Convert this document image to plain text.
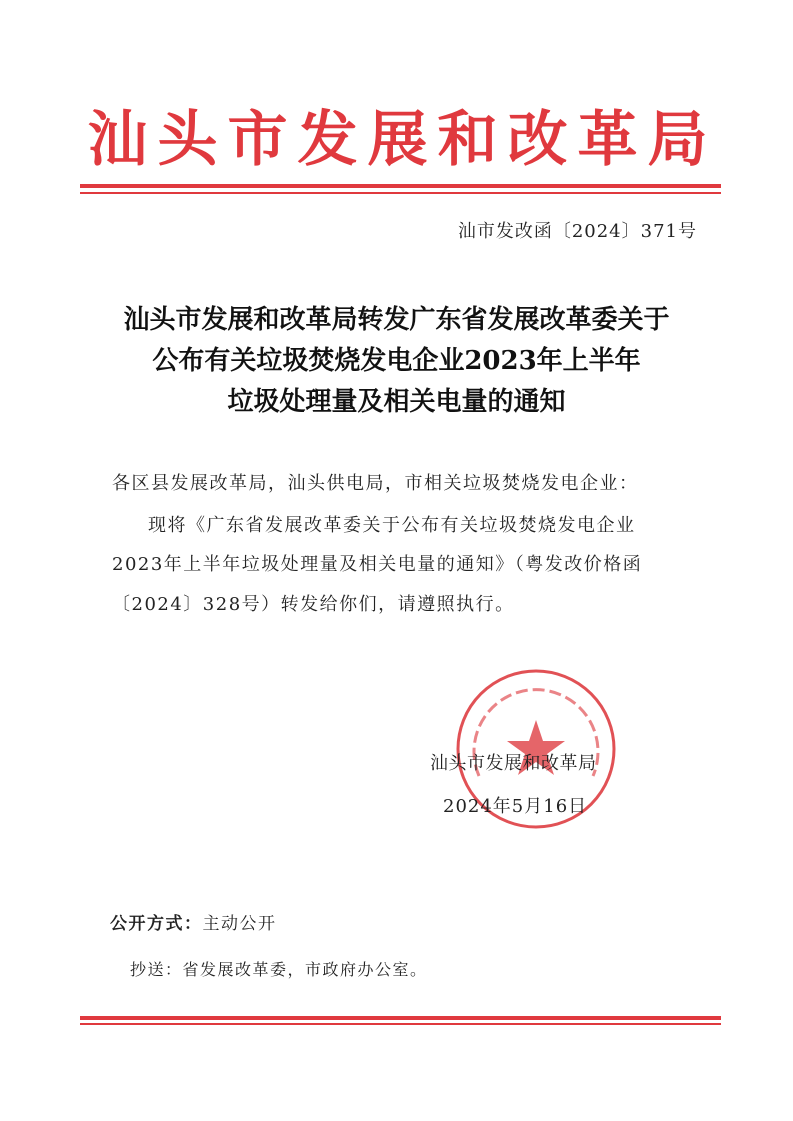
汕头市发展和改革局
汕市发改函〔2024〕371号
汕头市发展和改革局转发广东省发展改革委关于
公布有关垃圾焚烧发电企业2023年上半年
垃圾处理量及相关电量的通知
各区县发展改革局，汕头供电局，市相关垃圾焚烧发电企业：
现将《广东省发展改革委关于公布有关垃圾焚烧发电企业
2023年上半年垃圾处理量及相关电量的通知》（粤发改价格函
〔2024〕328号）转发给你们，请遵照执行。
汕头市发展和改革局
2024年5月16日
公开方式：主动公开
抄送：省发展改革委，市政府办公室。
